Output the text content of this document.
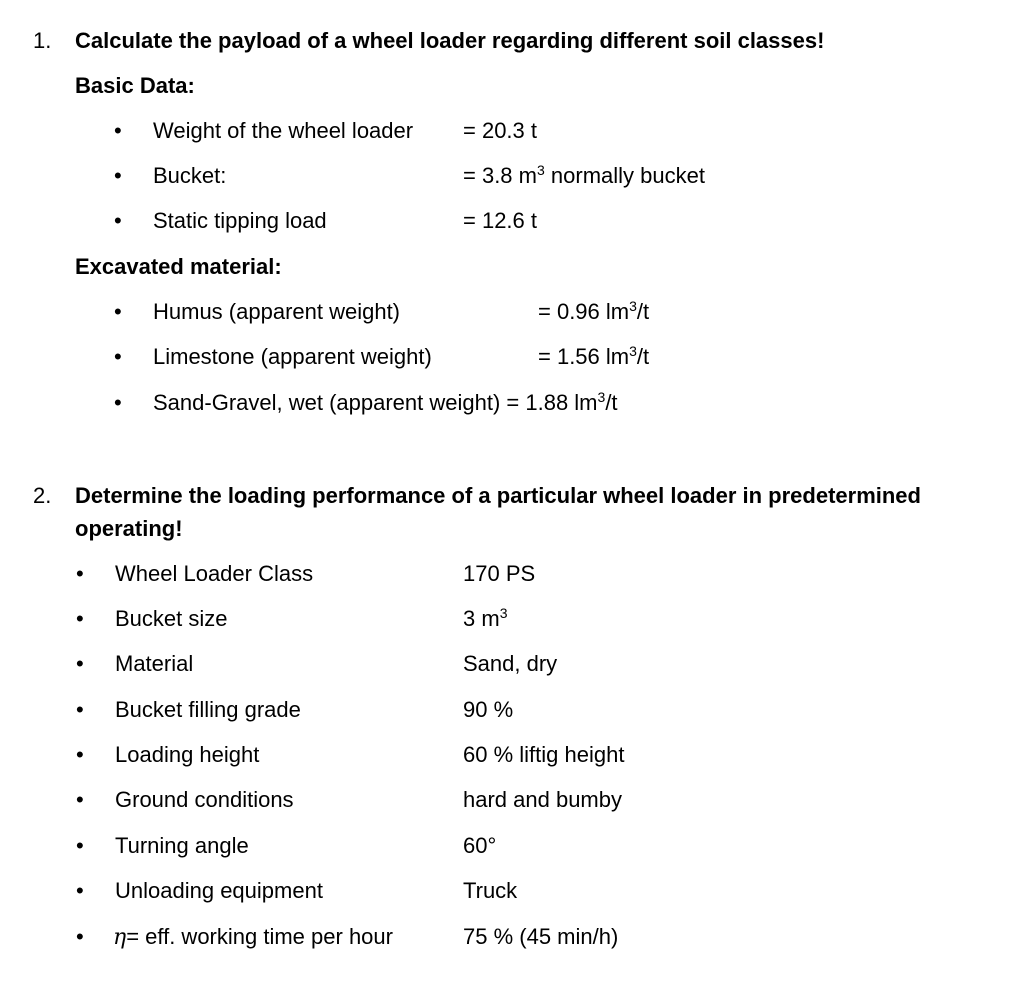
1. Calculate the payload of a wheel loader regarding different soil classes!
Basic Data:
• Weight of the wheel loader = 20.3 t
• Bucket:	= 3.8 $m^3$ normally bucket
• Static tipping load	= 12.6 t
Excavated material:
• Humus (apparent weight)	= 0.96 $lm^3/t$
• Limestone (apparent weight)	= 1.56 $lm^3/t$
• Sand-Gravel, wet (apparent weight) = 1.88 $lm^3/t$
2. Determine the loading performance of a particular wheel loader in predetermined
operating!
• Wheel Loader Class	170 PS
• Bucket size	3 $m^3$
• Material	Sand, dry
• Bucket filling grade	90 %
• Loading height	60 % liftig height
• Ground conditions	hard and bumby
• Turning angle	60°
• Unloading equipment	Truck
• η= eff. working time per hour	75 % (45 min/h)
